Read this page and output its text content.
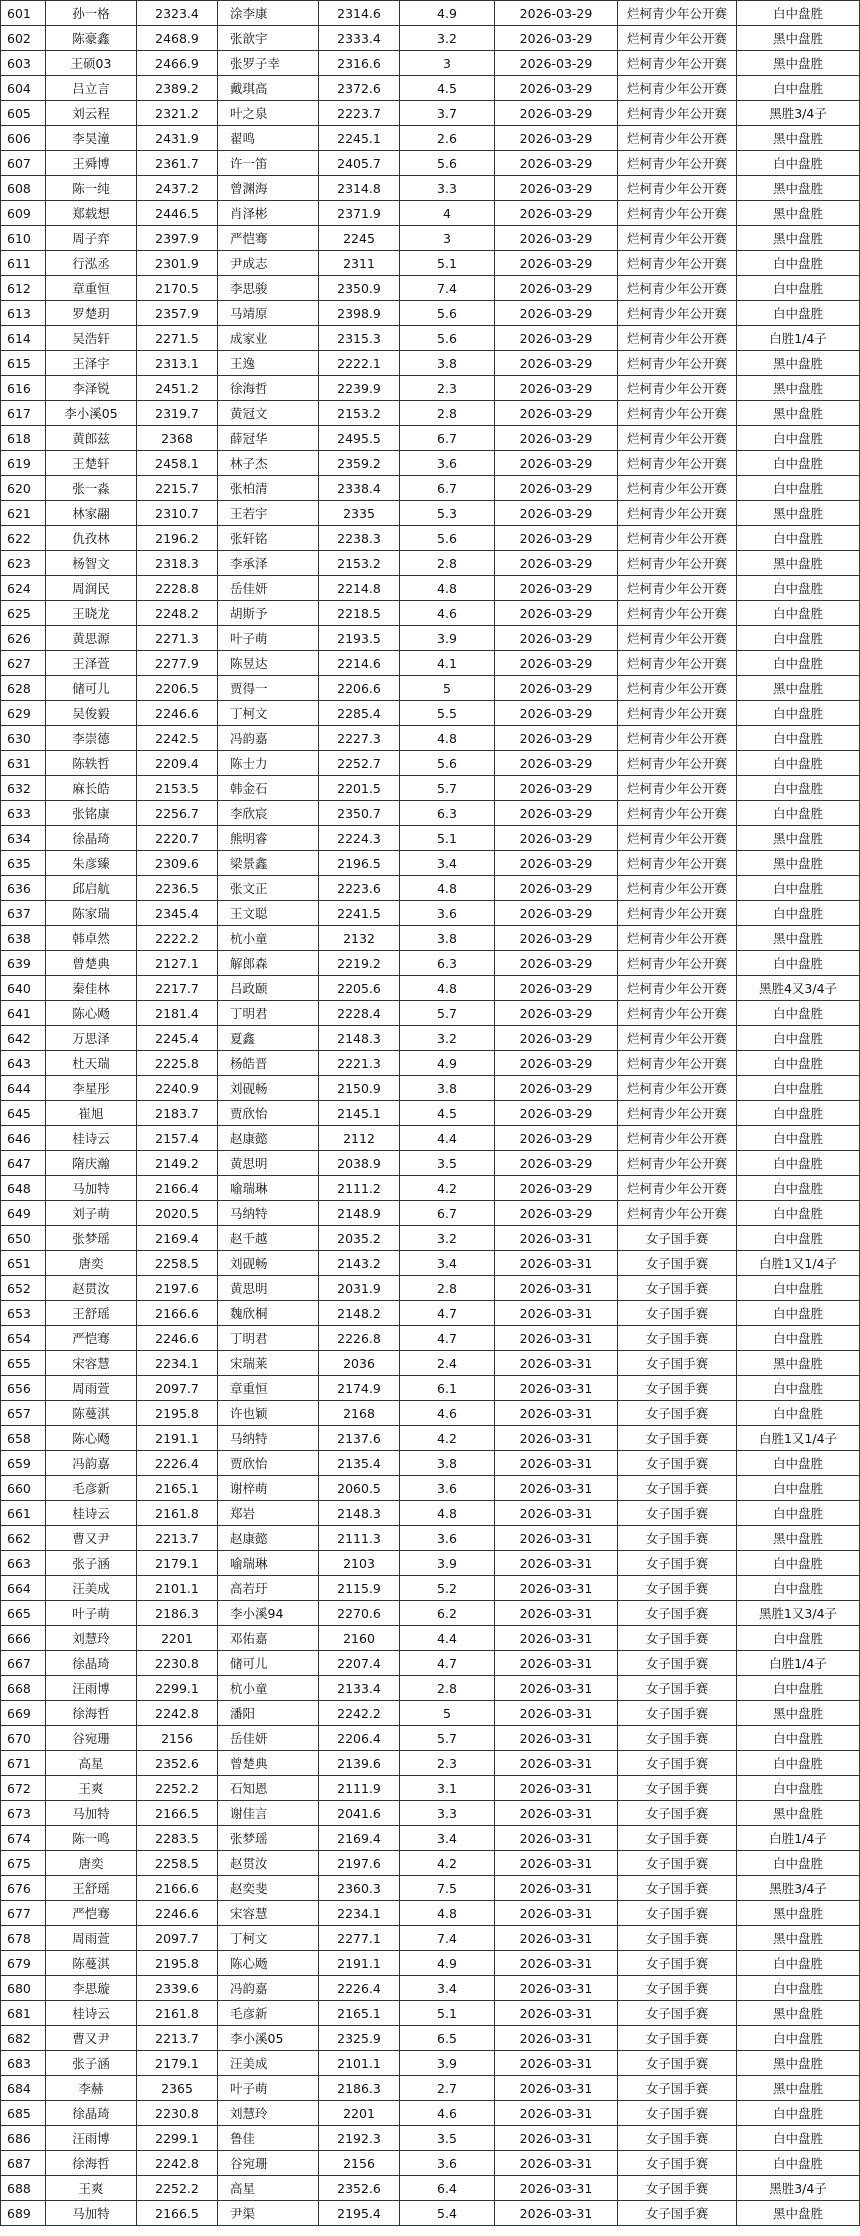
601	孙一格	2323.4	涂李康	2314.6	4.9	2026-03-29	烂柯青少年公开赛	白中盘胜
602	陈豪鑫	2468.9	张歆宇	2333.4	3.2	2026-03-29	烂柯青少年公开赛	黑中盘胜
603	王硕03	2466.9	张罗子幸	2316.6	3	2026-03-29	烂柯青少年公开赛	黑中盘胜
604	吕立言	2389.2	戴琪高	2372.6	4.5	2026-03-29	烂柯青少年公开赛	白中盘胜
605	刘云程	2321.2	叶之泉	2223.7	3.7	2026-03-29	烂柯青少年公开赛	黑胜3/4子
606	李昊潼	2431.9	翟鸣	2245.1	2.6	2026-03-29	烂柯青少年公开赛	黑中盘胜
607	王舜博	2361.7	许一笛	2405.7	5.6	2026-03-29	烂柯青少年公开赛	白中盘胜
608	陈一纯	2437.2	曾渊海	2314.8	3.3	2026-03-29	烂柯青少年公开赛	黑中盘胜
609	郑载想	2446.5	肖泽彬	2371.9	4	2026-03-29	烂柯青少年公开赛	黑中盘胜
610	周子弈	2397.9	严恺骞	2245	3	2026-03-29	烂柯青少年公开赛	黑中盘胜
611	行泓丞	2301.9	尹成志	2311	5.1	2026-03-29	烂柯青少年公开赛	白中盘胜
612	章重恒	2170.5	李思骏	2350.9	7.4	2026-03-29	烂柯青少年公开赛	白中盘胜
613	罗楚玥	2357.9	马靖原	2398.9	5.6	2026-03-29	烂柯青少年公开赛	白中盘胜
614	吴浩轩	2271.5	成家业	2315.3	5.6	2026-03-29	烂柯青少年公开赛	白胜1/4子
615	王泽宇	2313.1	王逸	2222.1	3.8	2026-03-29	烂柯青少年公开赛	黑中盘胜
616	李泽锐	2451.2	徐海哲	2239.9	2.3	2026-03-29	烂柯青少年公开赛	黑中盘胜
617	李小溪05	2319.7	黄冠文	2153.2	2.8	2026-03-29	烂柯青少年公开赛	黑中盘胜
618	黄郎兹	2368	薛冠华	2495.5	6.7	2026-03-29	烂柯青少年公开赛	白中盘胜
619	王楚轩	2458.1	林子杰	2359.2	3.6	2026-03-29	烂柯青少年公开赛	白中盘胜
620	张一淼	2215.7	张柏清	2338.4	6.7	2026-03-29	烂柯青少年公开赛	白中盘胜
621	林家翮	2310.7	王若宇	2335	5.3	2026-03-29	烂柯青少年公开赛	黑中盘胜
622	仇孜林	2196.2	张轩铭	2238.3	5.6	2026-03-29	烂柯青少年公开赛	白中盘胜
623	杨智文	2318.3	李承泽	2153.2	2.8	2026-03-29	烂柯青少年公开赛	黑中盘胜
624	周润民	2228.8	岳佳妍	2214.8	4.8	2026-03-29	烂柯青少年公开赛	白中盘胜
625	王晓龙	2248.2	胡斯予	2218.5	4.6	2026-03-29	烂柯青少年公开赛	白中盘胜
626	黄思源	2271.3	叶子萌	2193.5	3.9	2026-03-29	烂柯青少年公开赛	白中盘胜
627	王泽萱	2277.9	陈昱达	2214.6	4.1	2026-03-29	烂柯青少年公开赛	白中盘胜
628	储可儿	2206.5	贾得一	2206.6	5	2026-03-29	烂柯青少年公开赛	黑中盘胜
629	吴俊毅	2246.6	丁柯文	2285.4	5.5	2026-03-29	烂柯青少年公开赛	白中盘胜
630	李崇德	2242.5	冯韵嘉	2227.3	4.8	2026-03-29	烂柯青少年公开赛	白中盘胜
631	陈轶哲	2209.4	陈士力	2252.7	5.6	2026-03-29	烂柯青少年公开赛	白中盘胜
632	麻长皓	2153.5	韩金石	2201.5	5.7	2026-03-29	烂柯青少年公开赛	白中盘胜
633	张铭康	2256.7	李欣宸	2350.7	6.3	2026-03-29	烂柯青少年公开赛	白中盘胜
634	徐晶琦	2220.7	熊明睿	2224.3	5.1	2026-03-29	烂柯青少年公开赛	黑中盘胜
635	朱彦臻	2309.6	梁景鑫	2196.5	3.4	2026-03-29	烂柯青少年公开赛	黑中盘胜
636	邱启航	2236.5	张文正	2223.6	4.8	2026-03-29	烂柯青少年公开赛	白中盘胜
637	陈家瑞	2345.4	王文聪	2241.5	3.6	2026-03-29	烂柯青少年公开赛	白中盘胜
638	韩卓然	2222.2	杭小童	2132	3.8	2026-03-29	烂柯青少年公开赛	黑中盘胜
639	曾楚典	2127.1	解郎森	2219.2	6.3	2026-03-29	烂柯青少年公开赛	白中盘胜
640	秦佳林	2217.7	吕政颐	2205.6	4.8	2026-03-29	烂柯青少年公开赛	黑胜4又3/4子
641	陈心飏	2181.4	丁明君	2228.4	5.7	2026-03-29	烂柯青少年公开赛	白中盘胜
642	万思泽	2245.4	夏鑫	2148.3	3.2	2026-03-29	烂柯青少年公开赛	白中盘胜
643	杜天瑞	2225.8	杨皓晋	2221.3	4.9	2026-03-29	烂柯青少年公开赛	白中盘胜
644	李星彤	2240.9	刘砚畅	2150.9	3.8	2026-03-29	烂柯青少年公开赛	白中盘胜
645	崔旭	2183.7	贾欣怡	2145.1	4.5	2026-03-29	烂柯青少年公开赛	白中盘胜
646	桂诗云	2157.4	赵康懿	2112	4.4	2026-03-29	烂柯青少年公开赛	白中盘胜
647	隋庆瀚	2149.2	黄思明	2038.9	3.5	2026-03-29	烂柯青少年公开赛	白中盘胜
648	马加特	2166.4	喻瑞琳	2111.2	4.2	2026-03-29	烂柯青少年公开赛	白中盘胜
649	刘子萌	2020.5	马纳特	2148.9	6.7	2026-03-29	烂柯青少年公开赛	白中盘胜
650	张梦瑶	2169.4	赵千越	2035.2	3.2	2026-03-31	女子国手赛	白中盘胜
651	唐奕	2258.5	刘砚畅	2143.2	3.4	2026-03-31	女子国手赛	白胜1又1/4子
652	赵贯汝	2197.6	黄思明	2031.9	2.8	2026-03-31	女子国手赛	白中盘胜
653	王舒瑶	2166.6	魏欣桐	2148.2	4.7	2026-03-31	女子国手赛	白中盘胜
654	严恺骞	2246.6	丁明君	2226.8	4.7	2026-03-31	女子国手赛	白中盘胜
655	宋容慧	2234.1	宋瑞莱	2036	2.4	2026-03-31	女子国手赛	黑中盘胜
656	周雨萱	2097.7	章重恒	2174.9	6.1	2026-03-31	女子国手赛	白中盘胜
657	陈蔓淇	2195.8	许也颖	2168	4.6	2026-03-31	女子国手赛	白中盘胜
658	陈心飏	2191.1	马纳特	2137.6	4.2	2026-03-31	女子国手赛	白胜1又1/4子
659	冯韵嘉	2226.4	贾欣怡	2135.4	3.8	2026-03-31	女子国手赛	白中盘胜
660	毛彦新	2165.1	谢梓萌	2060.5	3.6	2026-03-31	女子国手赛	白中盘胜
661	桂诗云	2161.8	郑岩	2148.3	4.8	2026-03-31	女子国手赛	白中盘胜
662	曹又尹	2213.7	赵康懿	2111.3	3.6	2026-03-31	女子国手赛	黑中盘胜
663	张子涵	2179.1	喻瑞琳	2103	3.9	2026-03-31	女子国手赛	白中盘胜
664	汪美成	2101.1	高若玗	2115.9	5.2	2026-03-31	女子国手赛	白中盘胜
665	叶子萌	2186.3	李小溪94	2270.6	6.2	2026-03-31	女子国手赛	黑胜1又3/4子
666	刘慧玲	2201	邓佑嘉	2160	4.4	2026-03-31	女子国手赛	白中盘胜
667	徐晶琦	2230.8	储可儿	2207.4	4.7	2026-03-31	女子国手赛	白胜1/4子
668	汪雨博	2299.1	杭小童	2133.4	2.8	2026-03-31	女子国手赛	白中盘胜
669	徐海哲	2242.8	潘阳	2242.2	5	2026-03-31	女子国手赛	黑中盘胜
670	谷宛珊	2156	岳佳妍	2206.4	5.7	2026-03-31	女子国手赛	白中盘胜
671	高星	2352.6	曾楚典	2139.6	2.3	2026-03-31	女子国手赛	白中盘胜
672	王爽	2252.2	石知恩	2111.9	3.1	2026-03-31	女子国手赛	白中盘胜
673	马加特	2166.5	谢佳言	2041.6	3.3	2026-03-31	女子国手赛	黑中盘胜
674	陈一鸣	2283.5	张梦瑶	2169.4	3.4	2026-03-31	女子国手赛	白胜1/4子
675	唐奕	2258.5	赵贯汝	2197.6	4.2	2026-03-31	女子国手赛	白中盘胜
676	王舒瑶	2166.6	赵奕斐	2360.3	7.5	2026-03-31	女子国手赛	黑胜3/4子
677	严恺骞	2246.6	宋容慧	2234.1	4.8	2026-03-31	女子国手赛	黑中盘胜
678	周雨萱	2097.7	丁柯文	2277.1	7.4	2026-03-31	女子国手赛	黑中盘胜
679	陈蔓淇	2195.8	陈心飏	2191.1	4.9	2026-03-31	女子国手赛	白中盘胜
680	李思璇	2339.6	冯韵嘉	2226.4	3.4	2026-03-31	女子国手赛	白中盘胜
681	桂诗云	2161.8	毛彦新	2165.1	5.1	2026-03-31	女子国手赛	黑中盘胜
682	曹又尹	2213.7	李小溪05	2325.9	6.5	2026-03-31	女子国手赛	白中盘胜
683	张子涵	2179.1	汪美成	2101.1	3.9	2026-03-31	女子国手赛	黑中盘胜
684	李赫	2365	叶子萌	2186.3	2.7	2026-03-31	女子国手赛	黑中盘胜
685	徐晶琦	2230.8	刘慧玲	2201	4.6	2026-03-31	女子国手赛	白中盘胜
686	汪雨博	2299.1	鲁佳	2192.3	3.5	2026-03-31	女子国手赛	白中盘胜
687	徐海哲	2242.8	谷宛珊	2156	3.6	2026-03-31	女子国手赛	白中盘胜
688	王爽	2252.2	高星	2352.6	6.4	2026-03-31	女子国手赛	黑胜3/4子
689	马加特	2166.5	尹渠	2195.4	5.4	2026-03-31	女子国手赛	黑中盘胜
